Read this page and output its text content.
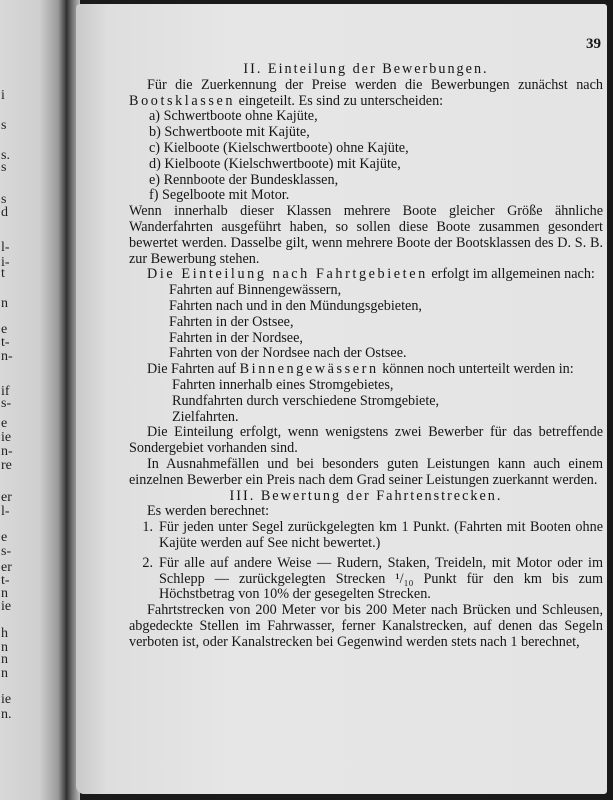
i
s
s.
s
s
d
l-
i-
t
n
e
t-
n-
if
s-
e
ie
n-
re
er
l-
e
s-
er
t-
n
ie
h
n
n
n
ie
n.
39

II. Einteilung der Bewerbungen.

Für die Zuerkennung der Preise werden die Bewerbungen zunächst nach Bootsklassen eingeteilt. Es sind zu unterscheiden:

a) Schwertboote ohne Kajüte,
b) Schwertboote mit Kajüte,
c) Kielboote (Kielschwertboote) ohne Kajüte,
d) Kielboote (Kielschwertboote) mit Kajüte,
e) Rennboote der Bundesklassen,
f) Segelboote mit Motor.

Wenn innerhalb dieser Klassen mehrere Boote gleicher Größe ähnliche Wanderfahrten ausgeführt haben, so sollen diese Boote zusammen gesondert bewertet werden. Dasselbe gilt, wenn mehrere Boote der Bootsklassen des D. S. B. zur Bewerbung stehen.

Die Einteilung nach Fahrtgebieten erfolgt im allgemeinen nach:

Fahrten auf Binnengewässern,
Fahrten nach und in den Mündungsgebieten,
Fahrten in der Ostsee,
Fahrten in der Nordsee,
Fahrten von der Nordsee nach der Ostsee.

Die Fahrten auf Binnengewässern können noch unterteilt werden in:

Fahrten innerhalb eines Stromgebietes,
Rundfahrten durch verschiedene Stromgebiete,
Zielfahrten.

Die Einteilung erfolgt, wenn wenigstens zwei Bewerber für das betreffende Sondergebiet vorhanden sind.

In Ausnahmefällen und bei besonders guten Leistungen kann auch einem einzelnen Bewerber ein Preis nach dem Grad seiner Leistungen zuerkannt werden.

III. Bewertung der Fahrtenstrecken.

Es werden berechnet:

1. Für jeden unter Segel zurückgelegten km 1 Punkt. (Fahrten mit Booten ohne Kajüte werden auf See nicht bewertet.)
2. Für alle auf andere Weise — Rudern, Staken, Treideln, mit Motor oder im Schlepp — zurückgelegten Strecken ¹/₁₀ Punkt für den km bis zum Höchstbetrag von 10% der gesegelten Strecken.

Fahrtstrecken von 200 Meter vor bis 200 Meter nach Brücken und Schleusen, abgedeckte Stellen im Fahrwasser, ferner Kanalstrecken, auf denen das Segeln verboten ist, oder Kanalstrecken bei Gegenwind werden stets nach 1 berechnet,
